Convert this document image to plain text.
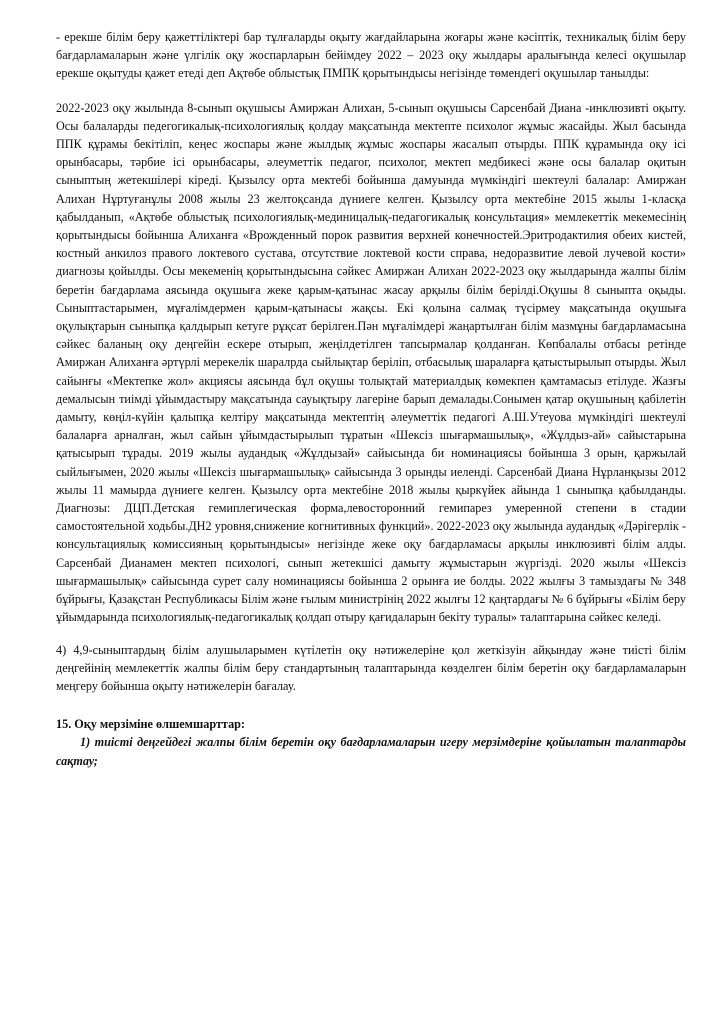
- ерекше білім беру қажеттіліктері бар тұлғаларды оқыту жағдайларына жоғары және кәсіптік, техникалық білім беру бағдарламаларын және үлгілік оқу жоспарларын бейімдеу 2022 – 2023 оқу жылдары аралығында келесі оқушылар ерекше оқытуды қажет етеді деп Ақтөбе облыстық ПМПК қорытындысы негізінде төмендегі оқушылар танылды:

2022-2023 оқу жылында 8-сынып оқушысы Амиржан Алихан, 5-сынып оқушысы Сарсенбай Диана -инклюзивті оқыту. Осы балаларды педегогикалық-психологиялық қолдау мақсатында мектепте психолог жұмыс жасайды. Жыл басында ППК құрамы бекітіліп, кеңес жоспары және жылдық жұмыс жоспары жасалып отырды. ППК құрамында оқу ісі орынбасары, тәрбие ісі орынбасары, әлеуметтік педагог, психолог, мектеп медбикесі және осы балалар оқитын сыныптың жетекшілері кіреді. Қызылсу орта мектебі бойынша дамуында мүмкіндігі шектеулі балалар: Амиржан Алихан Нұртуғанұлы 2008 жылы 23 желтоқсанда дүниеге келген. Қызылсу орта мектебіне 2015 жылы 1-класқа қабылданып, «Ақтөбе облыстық психологиялық-мединицалық-педагогикалық консультация» мемлекеттік мекемесінің қорытындысы бойынша Алиханға «Врожденный порок развития верхней конечностей.Эритродактилия обеих кистей, костный анкилоз правого локтевого сустава, отсутствие локтевой кости справа, недоразвитие левой лучевой кости» диагнозы қойылды. Осы мекеменің қорытындысына сәйкес Амиржан Алихан 2022-2023 оқу жылдарында жалпы білім беретін бағдарлама аясында оқушыға жеке қарым-қатынас жасау арқылы білім берілді.Оқушы 8 сыныпта оқыды. Сыныптастарымен, мұғалімдермен қарым-қатынасы жақсы. Екі қолына салмақ түсірмеу мақсатында оқушыға оқулықтарын сыныпқа қалдырып кетуге рұқсат берілген.Пән мұғалімдері жаңартылған білім мазмұны бағдарламасына сәйкес баланың оқу деңгейін ескере отырып, жеңілдетілген тапсырмалар қолданған. Көпбалалы отбасы ретінде Амиржан Алиханға әртүрлі мерекелік шаралрда сыйлықтар беріліп, отбасылық шараларға қатыстырылып отырды. Жыл сайынғы «Мектепке жол» акциясы аясында бұл оқушы толықтай материалдық көмекпен қамтамасыз етілуде. Жазғы демалысын тиімді ұйымдастыру мақсатында сауықтыру лагеріне барып демалады.Сонымен қатар оқушының қабілетін дамыту, көңіл-күйін қалыпқа келтіру мақсатында мектептің әлеуметтік педагогі А.Ш.Утеуова мүмкіндігі шектеулі балаларға арналған, жыл сайын ұйымдастырылып тұратын «Шексіз шығармашылық», «Жұлдыз-ай» сайыстарына қатысырып тұрады. 2019 жылы аудандық «Жұлдызай» сайысында би номинациясы бойынша 3 орын, қаржылай сыйлығымен, 2020 жылы «Шексіз шығармашылық» сайысында 3 орынды иеленді. Сарсенбай Диана Нұрланқызы 2012 жылы 11 мамырда дүниеге келген. Қызылсу орта мектебіне 2018 жылы қыркүйек айында 1 сыныпқа қабылданды. Диагнозы: ДЦП.Детская гемиплегическая форма,левосторонний гемипарез умеренной степени в стадии самостоятельной ходьбы.ДН2 уровня,снижение когнитивных функций». 2022-2023 оқу жылында аудандық «Дәрігерлік - консультациялық комиссияның қорытындысы» негізінде жеке оқу бағдарламасы арқылы инклюзивті білім алды. Сарсенбай Дианамен мектеп психологі, сынып жетекшісі дамыту жұмыстарын жүргізді. 2020 жылы «Шексіз шығармашылық» сайысында сурет салу номинациясы бойынша 2 орынға ие болды. 2022 жылғы 3 тамыздағы № 348 бұйрығы, Қазақстан Республикасы Білім және ғылым министрінің 2022 жылғы 12 қаңтардағы № 6 бұйрығы «Білім беру ұйымдарында психологиялық-педагогикалық қолдап отыру қағидаларын бекіту туралы» талаптарына сәйкес келеді.

4) 4,9-сыныптардың білім алушыларымен күтілетін оқу нәтижелеріне қол жеткізуін айқындау және тиісті білім деңгейінің мемлекеттік жалпы білім беру стандартының талаптарында көзделген білім беретін оқу бағдарламаларын меңгеру бойынша оқыту нәтижелерін бағалау.

15. Оқу мерзіміне өлшемшарттар:

1) тиісті деңгейдегі жалпы білім беретін оқу бағдарламаларын игеру мерзімдеріне қойылатын талаптарды сақтау;
